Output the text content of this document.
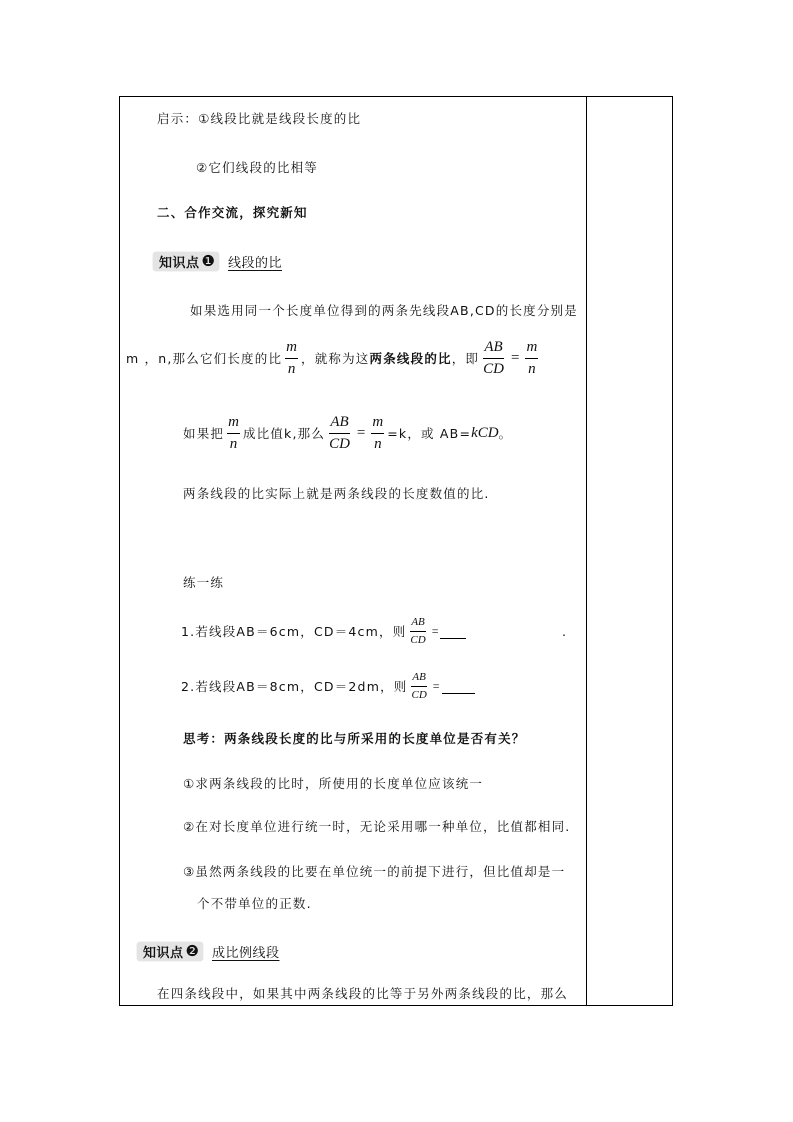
启示：①线段比就是线段长度的比
②它们线段的比相等
二、合作交流，探究新知
知识点 ❶ 线段的比
如果选用同一个长度单位得到的两条先线段AB,CD的长度分别是
m ，n,那么它们长度的比 $\frac{m}{n}$ ，就称为这 两条线段的比 ，即 $\frac{AB}{CD} = \frac{m}{n}$
如果把 $\frac{m}{n}$ 成比值k,那么 $\frac{AB}{CD} = \frac{m}{n} =k$，或 AB= kCD 。
两条线段的比实际上就是两条线段的长度数值的比.
练一练
1.若线段AB＝6cm，CD＝4cm，则 $\frac{AB}{CD}$ =	.
2.若线段AB＝8cm，CD＝2dm，则 $\frac{AB}{CD}$ =
思考：两条线段长度的比与所采用的长度单位是否有关？
①求两条线段的比时，所使用的长度单位应该统一
②在对长度单位进行统一时，无论采用哪一种单位，比值都相同.
③虽然两条线段的比要在单位统一的前提下进行，但比值却是一
个不带单位的正数.
知识点 ❷ 成比例线段
在四条线段中，如果其中两条线段的比等于另外两条线段的比，那么
